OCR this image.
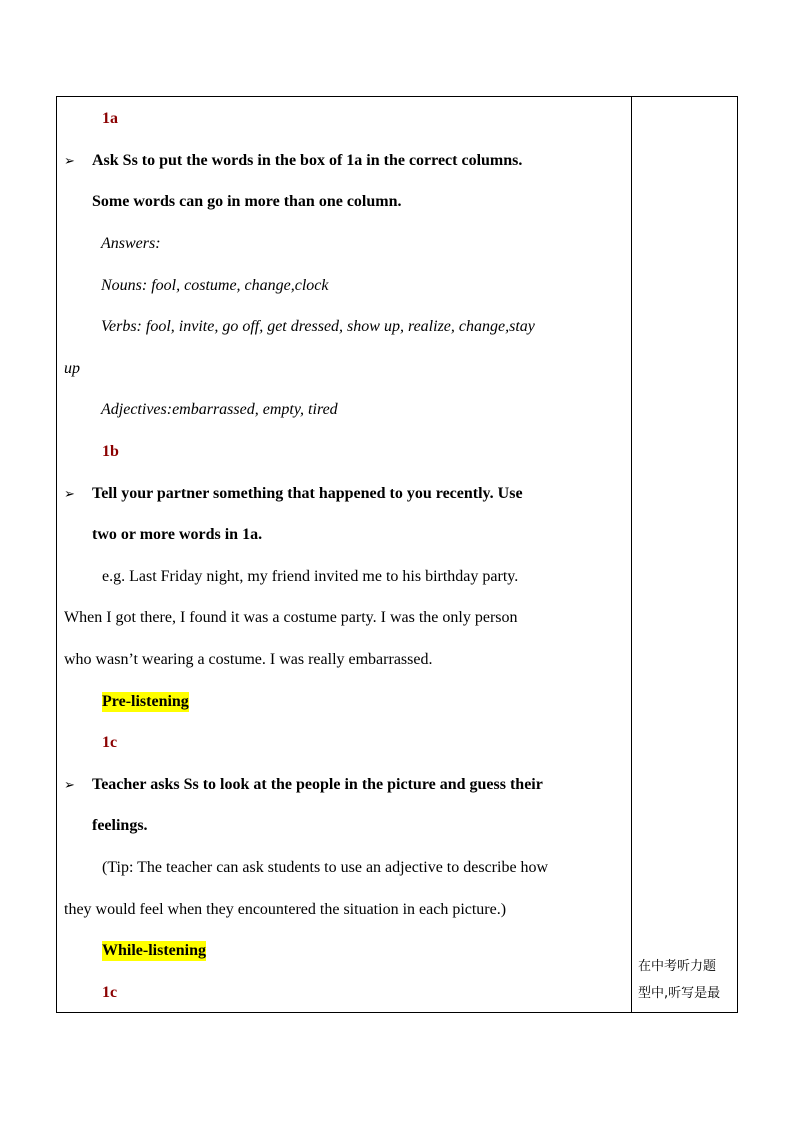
1a
➢ Ask Ss to put the words in the box of 1a in the correct columns.
Some words can go in more than one column.
Answers:
Nouns: fool, costume, change,clock
Verbs: fool, invite, go off, get dressed, show up, realize, change,stay
up
Adjectives:embarrassed, empty, tired
1b
➢ Tell your partner something that happened to you recently. Use
two or more words in 1a.
e.g. Last Friday night, my friend invited me to his birthday party.
When I got there, I found it was a costume party. I was the only person
who wasn’t wearing a costume. I was really embarrassed.
Pre-listening
1c
➢ Teacher asks Ss to look at the people in the picture and guess their
feelings.
(Tip: The teacher can ask students to use an adjective to describe how
they would feel when they encountered the situation in each picture.)
While-listening
1c
在中考听力题
型中,听写是最
